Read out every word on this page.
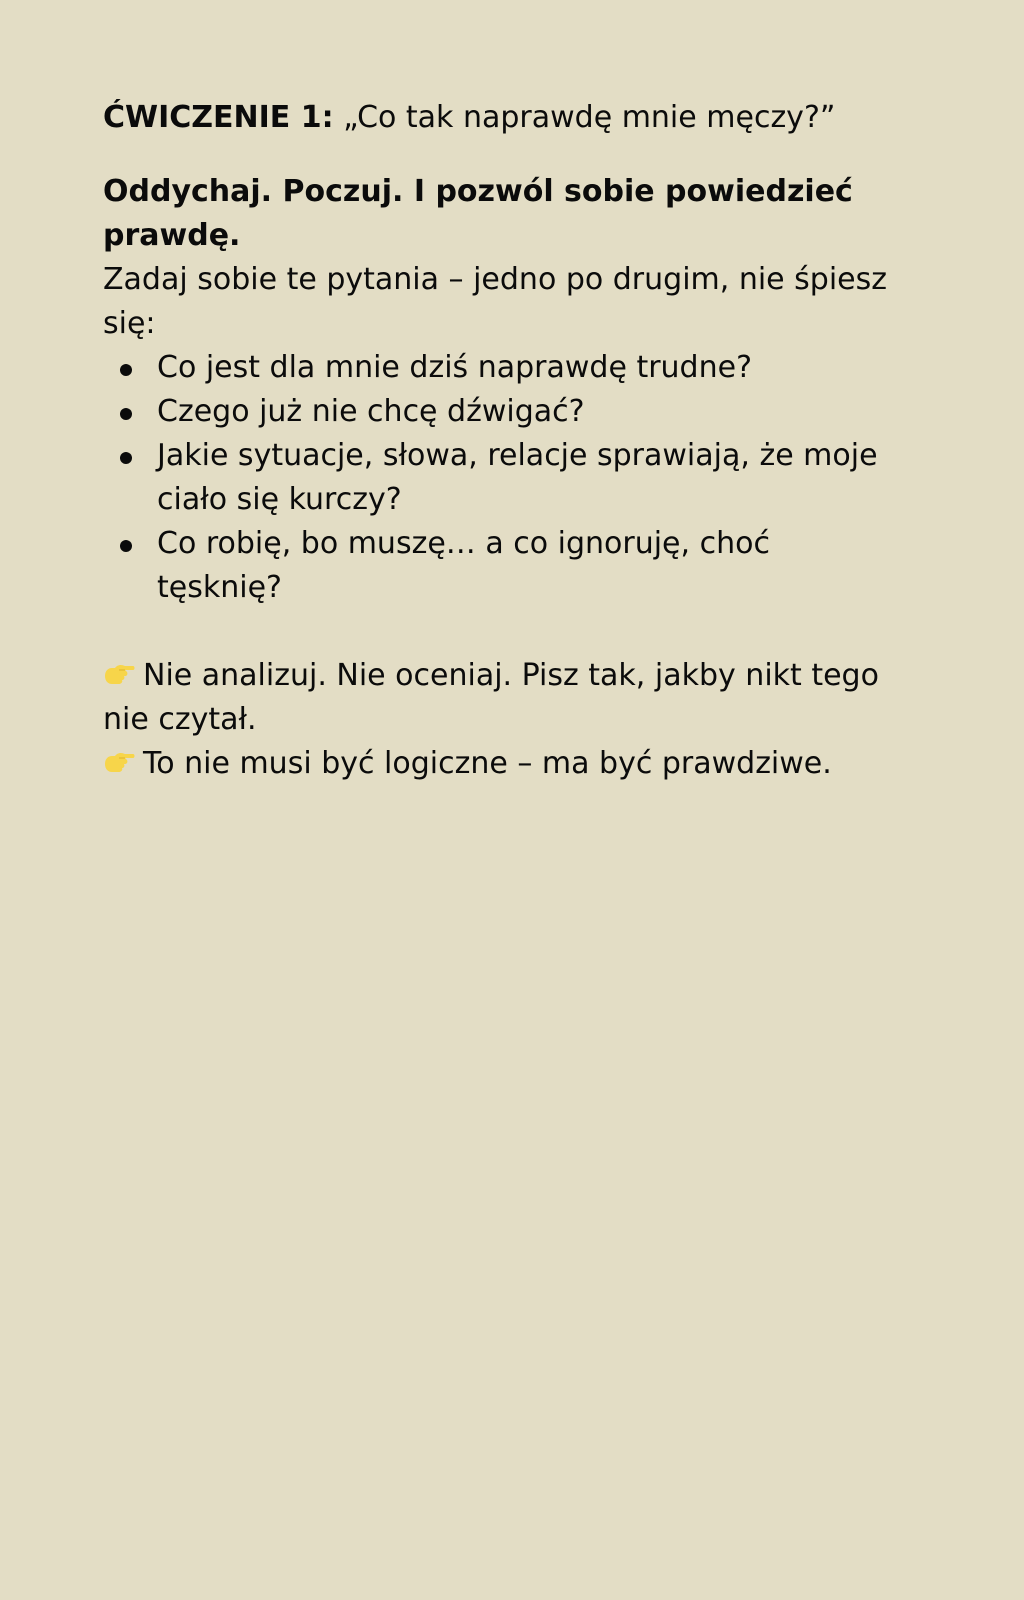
ĆWICZENIE 1: „Co tak naprawdę mnie męczy?”

Oddychaj. Poczuj. I pozwól sobie powiedzieć prawdę.

Zadaj sobie te pytania – jedno po drugim, nie śpiesz się:

Co jest dla mnie dziś naprawdę trudne?
Czego już nie chcę dźwigać?
Jakie sytuacje, słowa, relacje sprawiają, że moje ciało się kurczy?
Co robię, bo muszę… a co ignoruję, choć tęsknię?

Nie analizuj. Nie oceniaj. Pisz tak, jakby nikt tego nie czytał.

To nie musi być logiczne – ma być prawdziwe.
